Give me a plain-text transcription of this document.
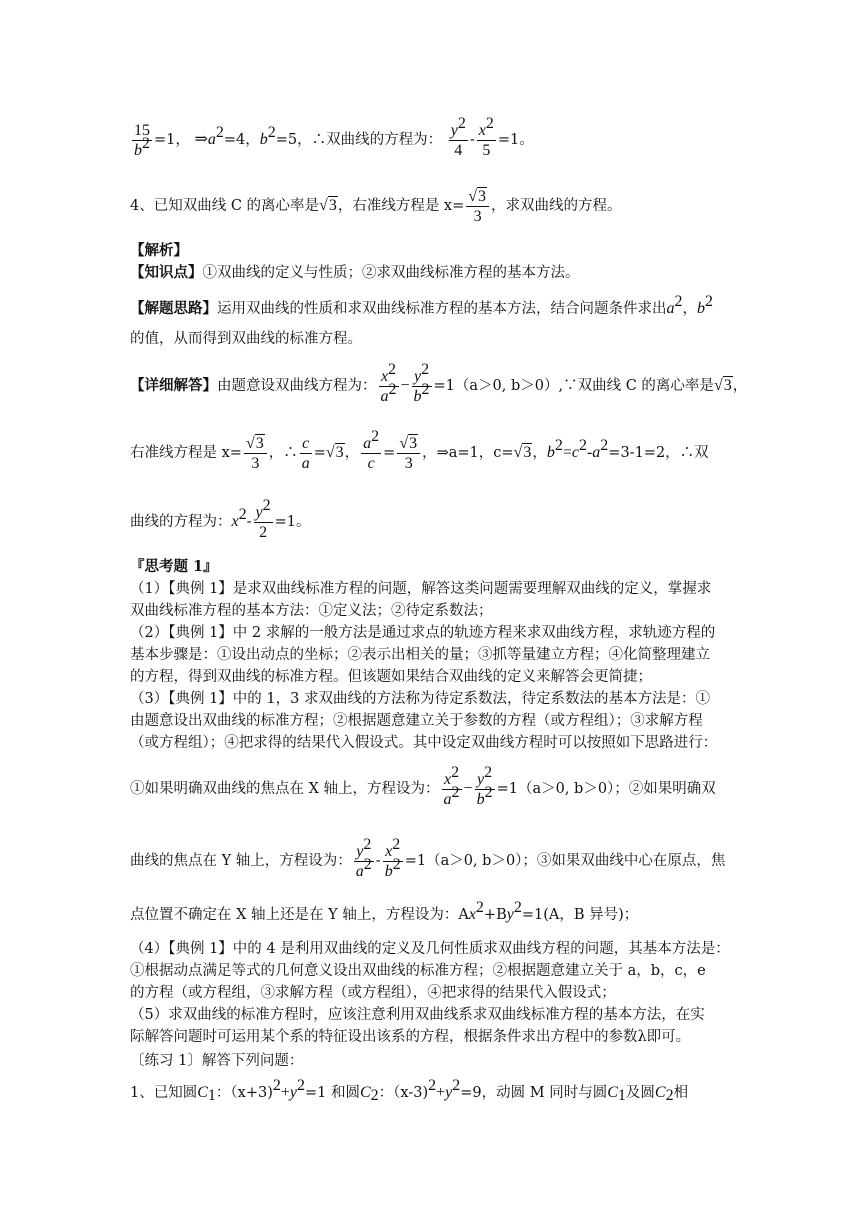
$\frac{15}{b^2} =1$， $\Rightarrow a^2=4$，$b^2=5$，∴双曲线的方程为： $\frac{y^2}{4} - \frac{x^2}{5} =1$。
4、已知双曲线 C 的离心率是√3，右准线方程是 $x= \frac{√3}{3}$ ，求双曲线的方程。
【解析】
【知识点】①双曲线的定义与性质；②求双曲线标准方程的基本方法。
【解题思路】运用双曲线的性质和求双曲线标准方程的基本方法，结合问题条件求出$a^2$，$b^2$
的值，从而得到双曲线的标准方程。
【详细解答】由题意设双曲线方程为： $\frac{x^2}{a^2} - \frac{y^2}{b^2} =1(a>0$, b＞0）,∵双曲线 C 的离心率是√3，
右准线方程是 $x= \frac{√3}{3}$ ，∴ $\frac{c}{a} =√3$， $\frac{a^2}{c} = \frac{√3}{3}$ ，⇒a=1，c=√3，$b^2=c^2-a^2=3-1=2$，∴双
曲线的方程为：$x^2- \frac{y^2}{2} =1$。
『思考题 1』
（1）【典例 1】是求双曲线标准方程的问题，解答这类问题需要理解双曲线的定义，掌握求
双曲线标准方程的基本方法：①定义法；②待定系数法；
（2）【典例 1】中 2 求解的一般方法是通过求点的轨迹方程来求双曲线方程，求轨迹方程的
基本步骤是：①设出动点的坐标；②表示出相关的量；③抓等量建立方程；④化简整理建立
的方程，得到双曲线的标准方程。但该题如果结合双曲线的定义来解答会更简捷；
（3）【典例 1】中的 1，3 求双曲线的方法称为待定系数法，待定系数法的基本方法是：①
由题意设出双曲线的标准方程；②根据题意建立关于参数的方程（或方程组）；③求解方程
（或方程组）；④把求得的结果代入假设式。其中设定双曲线方程时可以按照如下思路进行：
①如果明确双曲线的焦点在 X 轴上，方程设为： $\frac{x^2}{a^2} - \frac{y^2}{b^2} =1(a>0$, b＞0）；②如果明确双
曲线的焦点在 Y 轴上，方程设为： $\frac{y^2}{a^2} - \frac{x^2}{b^2} =1(a>0$, b＞0）；③如果双曲线中心在原点，焦
点位置不确定在 X 轴上还是在 Y 轴上，方程设为：$Ax^2+By^2=1(A$，B 异号)；
（4）【典例 1】中的 4 是利用双曲线的定义及几何性质求双曲线方程的问题，其基本方法是：
①根据动点满足等式的几何意义设出双曲线的标准方程；②根据题意建立关于 a，b，c，e
的方程（或方程组，③求解方程（或方程组），④把求得的结果代入假设式；
（5）求双曲线的标准方程时，应该注意利用双曲线系求双曲线标准方程的基本方法，在实
际解答问题时可运用某个系的特征设出该系的方程，根据条件求出方程中的参数λ即可。
〔练习 1〕解答下列问题：
1、已知圆$C_1$：$(x+3)^2+y^2=1$ 和圆$C_2$：$(x-3)^2+y^2=9$，动圆 M 同时与圆$C_1$及圆$C_2$相
